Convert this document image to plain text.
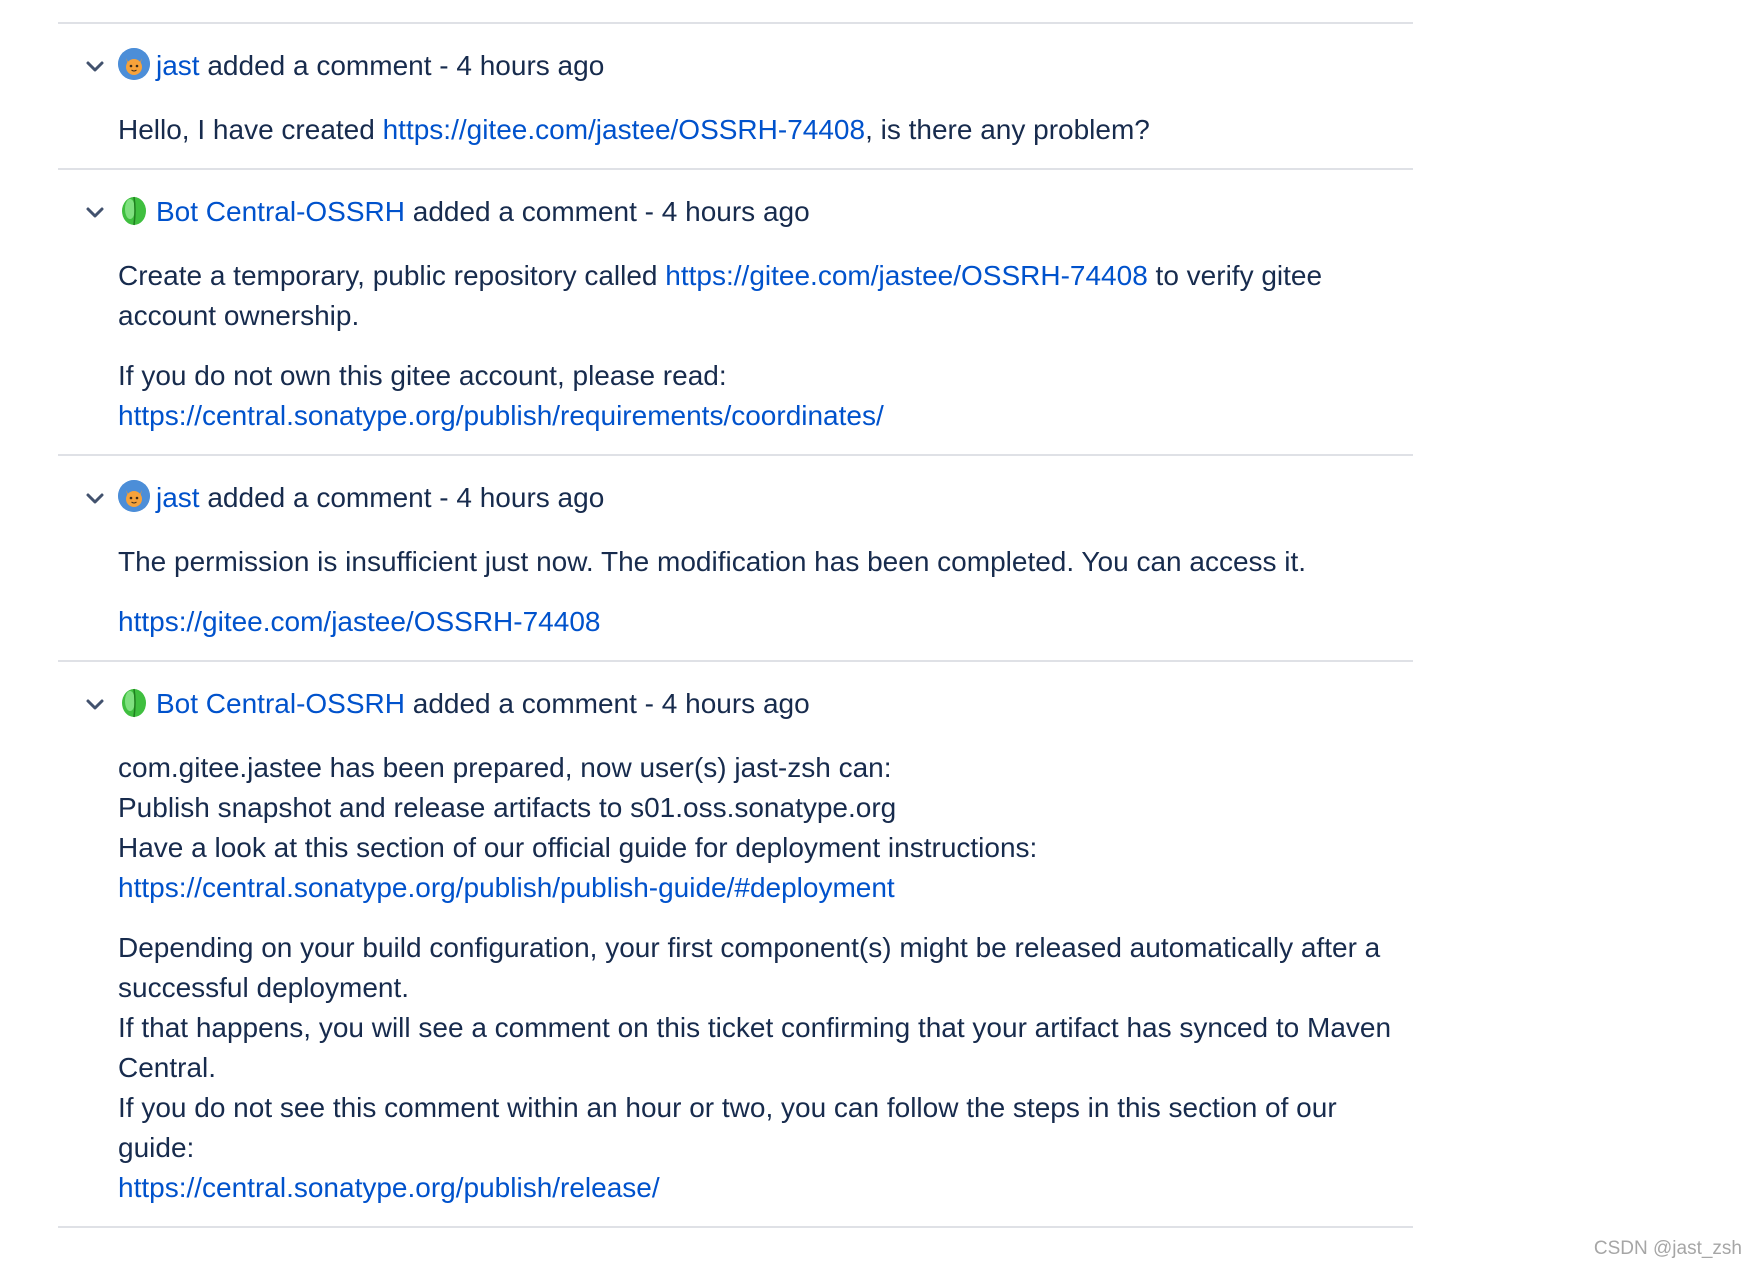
jast added a comment - 4 hours ago

Hello, I have created https://gitee.com/jastee/OSSRH-74408, is there any problem?

Bot Central-OSSRH added a comment - 4 hours ago

Create a temporary, public repository called https://gitee.com/jastee/OSSRH-74408 to verify gitee account ownership.

If you do not own this gitee account, please read:
https://central.sonatype.org/publish/requirements/coordinates/

jast added a comment - 4 hours ago

The permission is insufficient just now. The modification has been completed. You can access it.

https://gitee.com/jastee/OSSRH-74408

Bot Central-OSSRH added a comment - 4 hours ago

com.gitee.jastee has been prepared, now user(s) jast-zsh can:
Publish snapshot and release artifacts to s01.oss.sonatype.org
Have a look at this section of our official guide for deployment instructions:
https://central.sonatype.org/publish/publish-guide/#deployment

Depending on your build configuration, your first component(s) might be released automatically after a successful deployment.
If that happens, you will see a comment on this ticket confirming that your artifact has synced to Maven Central.
If you do not see this comment within an hour or two, you can follow the steps in this section of our guide:
https://central.sonatype.org/publish/release/

CSDN @jast_zsh
